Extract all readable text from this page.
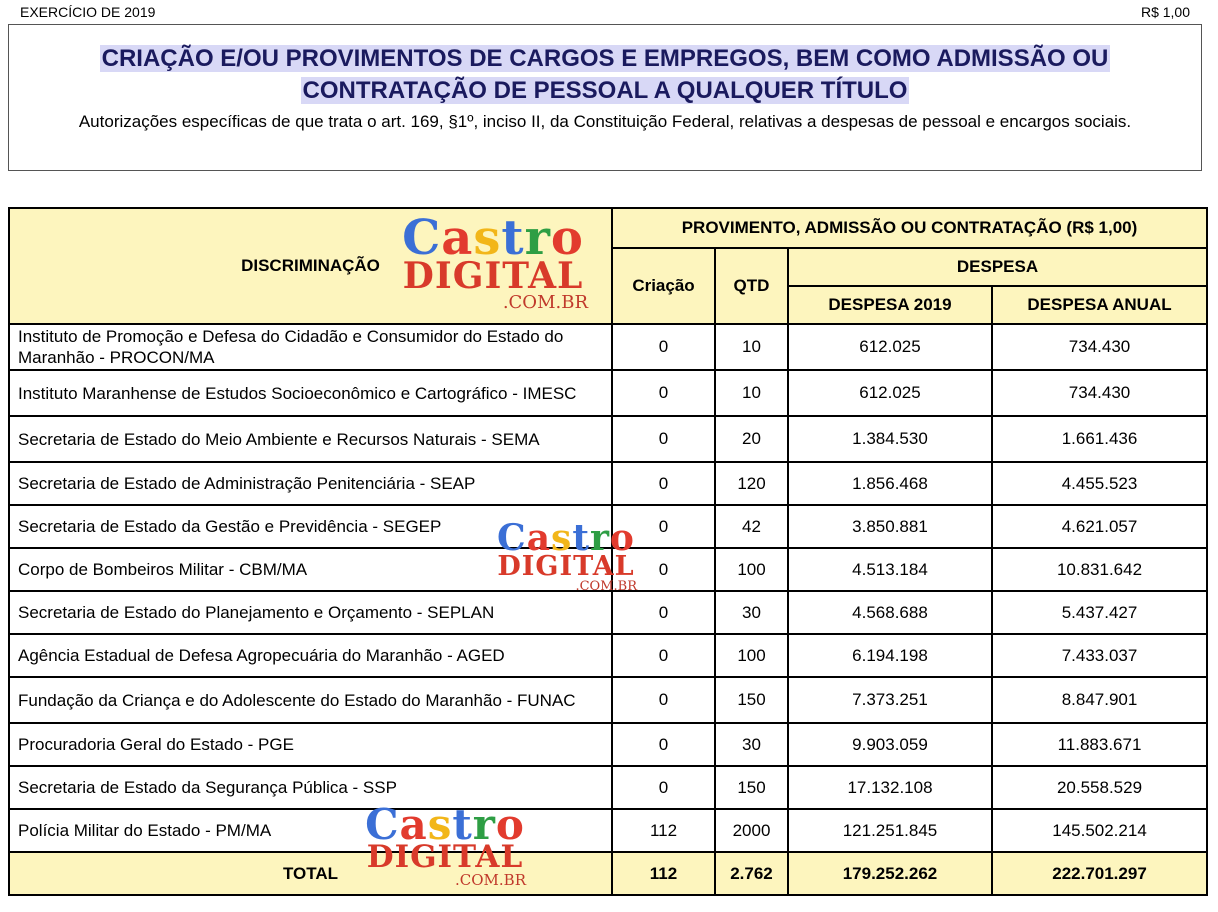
EXERCÍCIO DE 2019	R$ 1,00
CRIAÇÃO E/OU PROVIMENTOS DE CARGOS E EMPREGOS, BEM COMO ADMISSÃO OU
CONTRATAÇÃO DE PESSOAL A QUALQUER TÍTULO
Autorizações específicas de que trata o art. 169, §1º, inciso II, da Constituição Federal, relativas a despesas de pessoal e encargos sociais.
DISCRIMINAÇÃO	PROVIMENTO, ADMISSÃO OU CONTRATAÇÃO (R$ 1,00)			
	Criação	QTD	DESPESA	
			DESPESA 2019	DESPESA ANUAL
Instituto de Promoção e Defesa do Cidadão e Consumidor do Estado do Maranhão - PROCON/MA	0	10	612.025	734.430
Instituto Maranhense de Estudos Socioeconômico e Cartográfico - IMESC	0	10	612.025	734.430
Secretaria de Estado do Meio Ambiente e Recursos Naturais - SEMA	0	20	1.384.530	1.661.436
Secretaria de Estado de Administração Penitenciária - SEAP	0	120	1.856.468	4.455.523
Secretaria de Estado da Gestão e Previdência - SEGEP	0	42	3.850.881	4.621.057
Corpo de Bombeiros Militar - CBM/MA	0	100	4.513.184	10.831.642
Secretaria de Estado do Planejamento e Orçamento - SEPLAN	0	30	4.568.688	5.437.427
Agência Estadual de Defesa Agropecuária do Maranhão - AGED	0	100	6.194.198	7.433.037
Fundação da Criança e do Adolescente do Estado do Maranhão - FUNAC	0	150	7.373.251	8.847.901
Procuradoria Geral do Estado - PGE	0	30	9.903.059	11.883.671
Secretaria de Estado da Segurança Pública - SSP	0	150	17.132.108	20.558.529
Polícia Militar do Estado - PM/MA	112	2000	121.251.845	145.502.214
TOTAL	112	2.762	179.252.262	222.701.297
Castro
DIGITAL
.COM.BR
Castro
DIGITAL
.COM.BR
Castro
DIGITAL
.COM.BR
